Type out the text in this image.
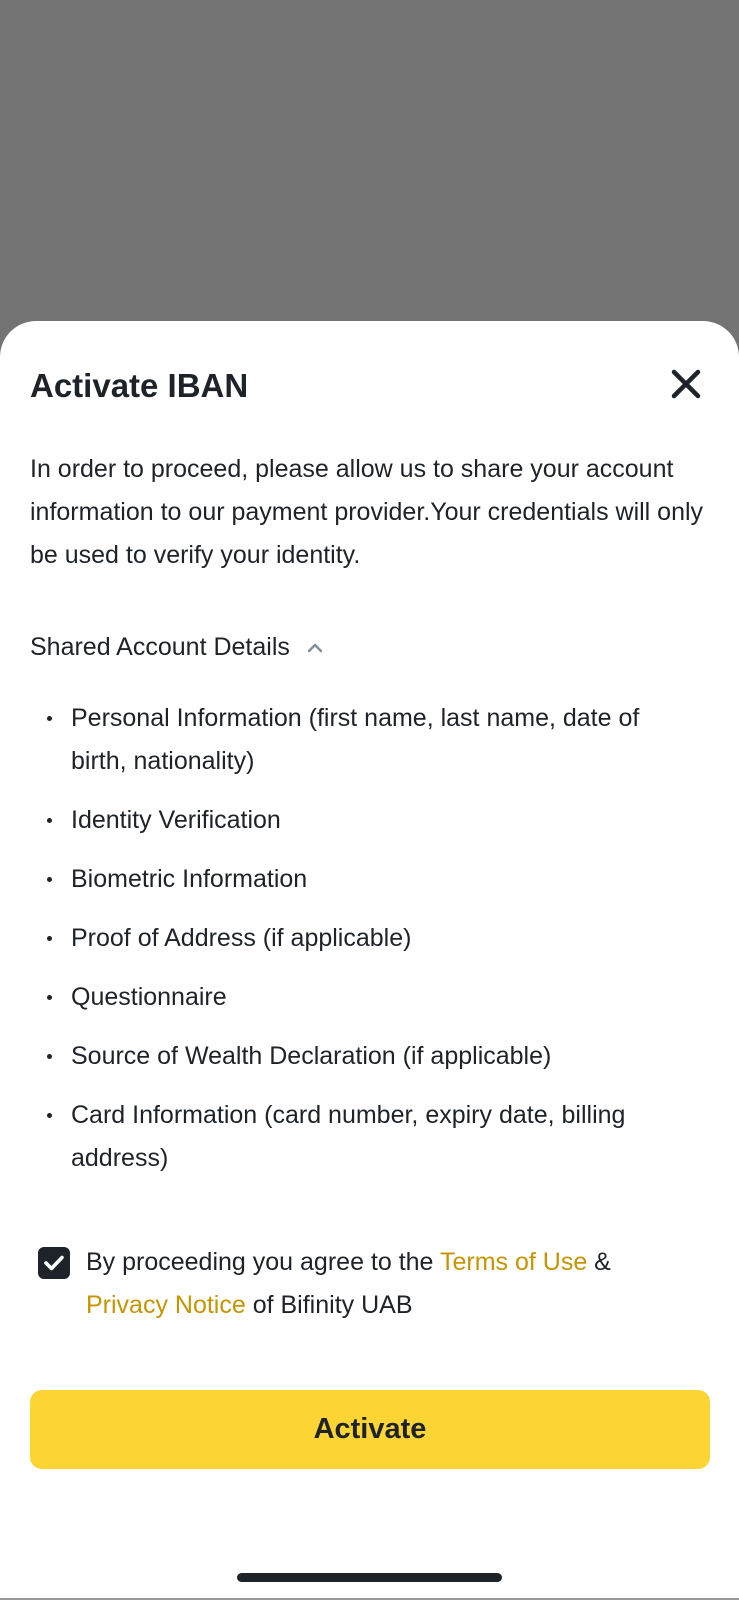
Activate IBAN

In order to proceed, please allow us to share your account information to our payment provider.Your credentials will only be used to verify your identity.

Shared Account Details
Personal Information (first name, last name, date of birth, nationality)
Identity Verification
Biometric Information
Proof of Address (if applicable)
Questionnaire
Source of Wealth Declaration (if applicable)
Card Information (card number, expiry date, billing address)
By proceeding you agree to the Terms of Use & Privacy Notice of Bifinity UAB
Activate
